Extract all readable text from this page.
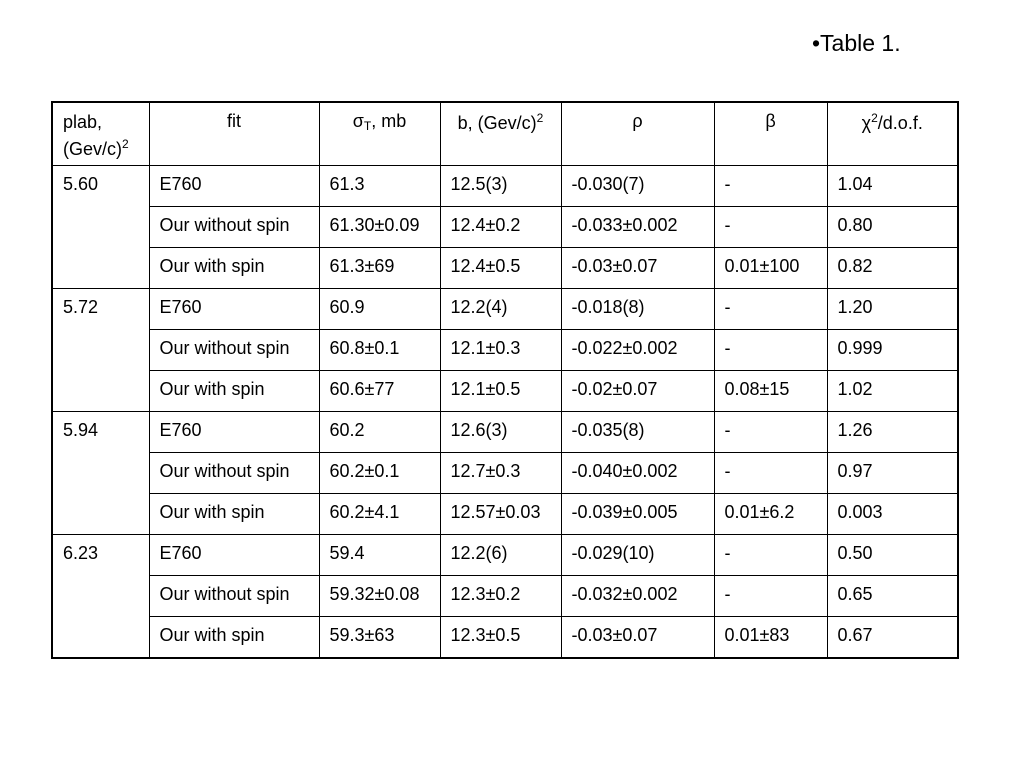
•Table 1.
plab,
$(Gev/c)^2$	fit	$\sigma_T$, mb	b, $(Gev/c)^2$	ρ	β	$\chi^2/d.o.f$.
5.60	E760	61.3	12.5(3)	-0.030(7)	-	1.04
	Our without spin	61.30±0.09	12.4±0.2	-0.033±0.002	-	0.80
	Our with spin	61.3±69	12.4±0.5	-0.03±0.07	0.01±100	0.82
5.72	E760	60.9	12.2(4)	-0.018(8)	-	1.20
	Our without spin	60.8±0.1	12.1±0.3	-0.022±0.002	-	0.999
	Our with spin	60.6±77	12.1±0.5	-0.02±0.07	0.08±15	1.02
5.94	E760	60.2	12.6(3)	-0.035(8)	-	1.26
	Our without spin	60.2±0.1	12.7±0.3	-0.040±0.002	-	0.97
	Our with spin	60.2±4.1	12.57±0.03	-0.039±0.005	0.01±6.2	0.003
6.23	E760	59.4	12.2(6)	-0.029(10)	-	0.50
	Our without spin	59.32±0.08	12.3±0.2	-0.032±0.002	-	0.65
	Our with spin	59.3±63	12.3±0.5	-0.03±0.07	0.01±83	0.67
